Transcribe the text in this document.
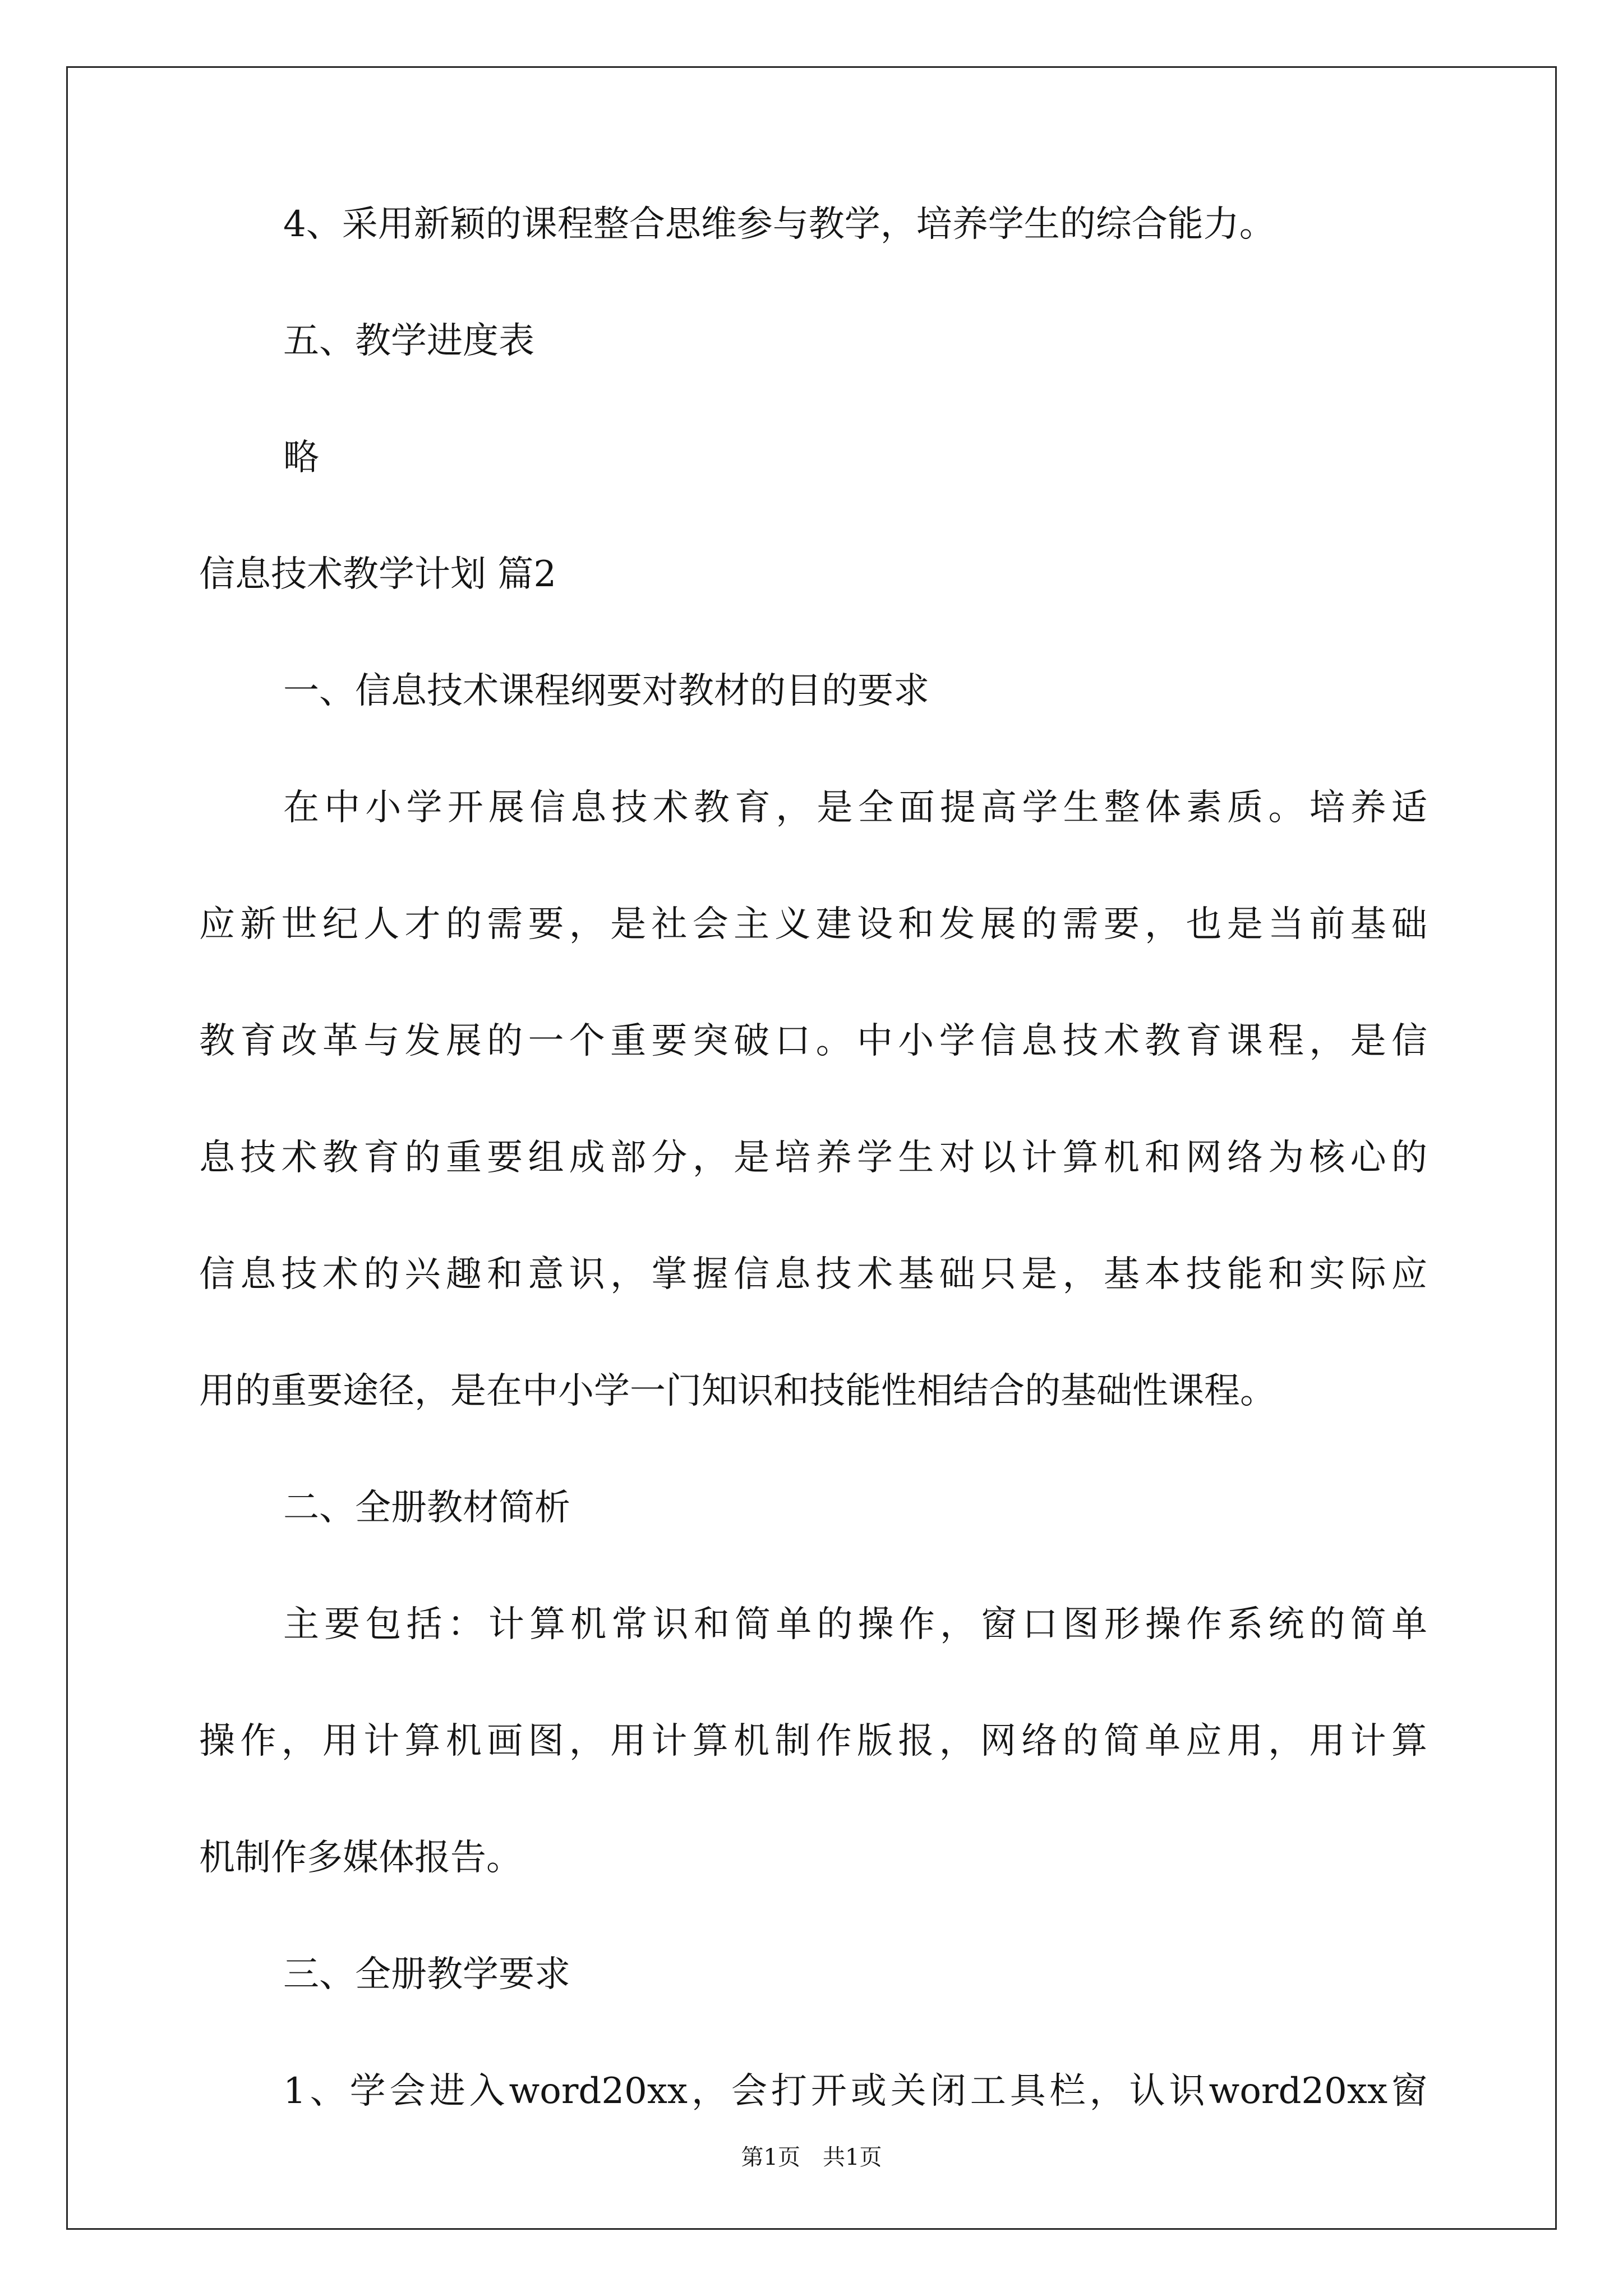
4、采用新颖的课程整合思维参与教学，培养学生的综合能力。
五、教学进度表
略
信息技术教学计划 篇2
一、信息技术课程纲要对教材的目的要求
在中小学开展信息技术教育，是全面提高学生整体素质。培养适
应新世纪人才的需要，是社会主义建设和发展的需要，也是当前基础
教育改革与发展的一个重要突破口。中小学信息技术教育课程，是信
息技术教育的重要组成部分，是培养学生对以计算机和网络为核心的
信息技术的兴趣和意识，掌握信息技术基础只是，基本技能和实际应
用的重要途径，是在中小学一门知识和技能性相结合的基础性课程。
二、全册教材简析
主要包括：计算机常识和简单的操作，窗口图形操作系统的简单
操作，用计算机画图，用计算机制作版报，网络的简单应用，用计算
机制作多媒体报告。
三、全册教学要求
1、学会进入word20xx，会打开或关闭工具栏，认识word20xx窗
第1页　共1页
